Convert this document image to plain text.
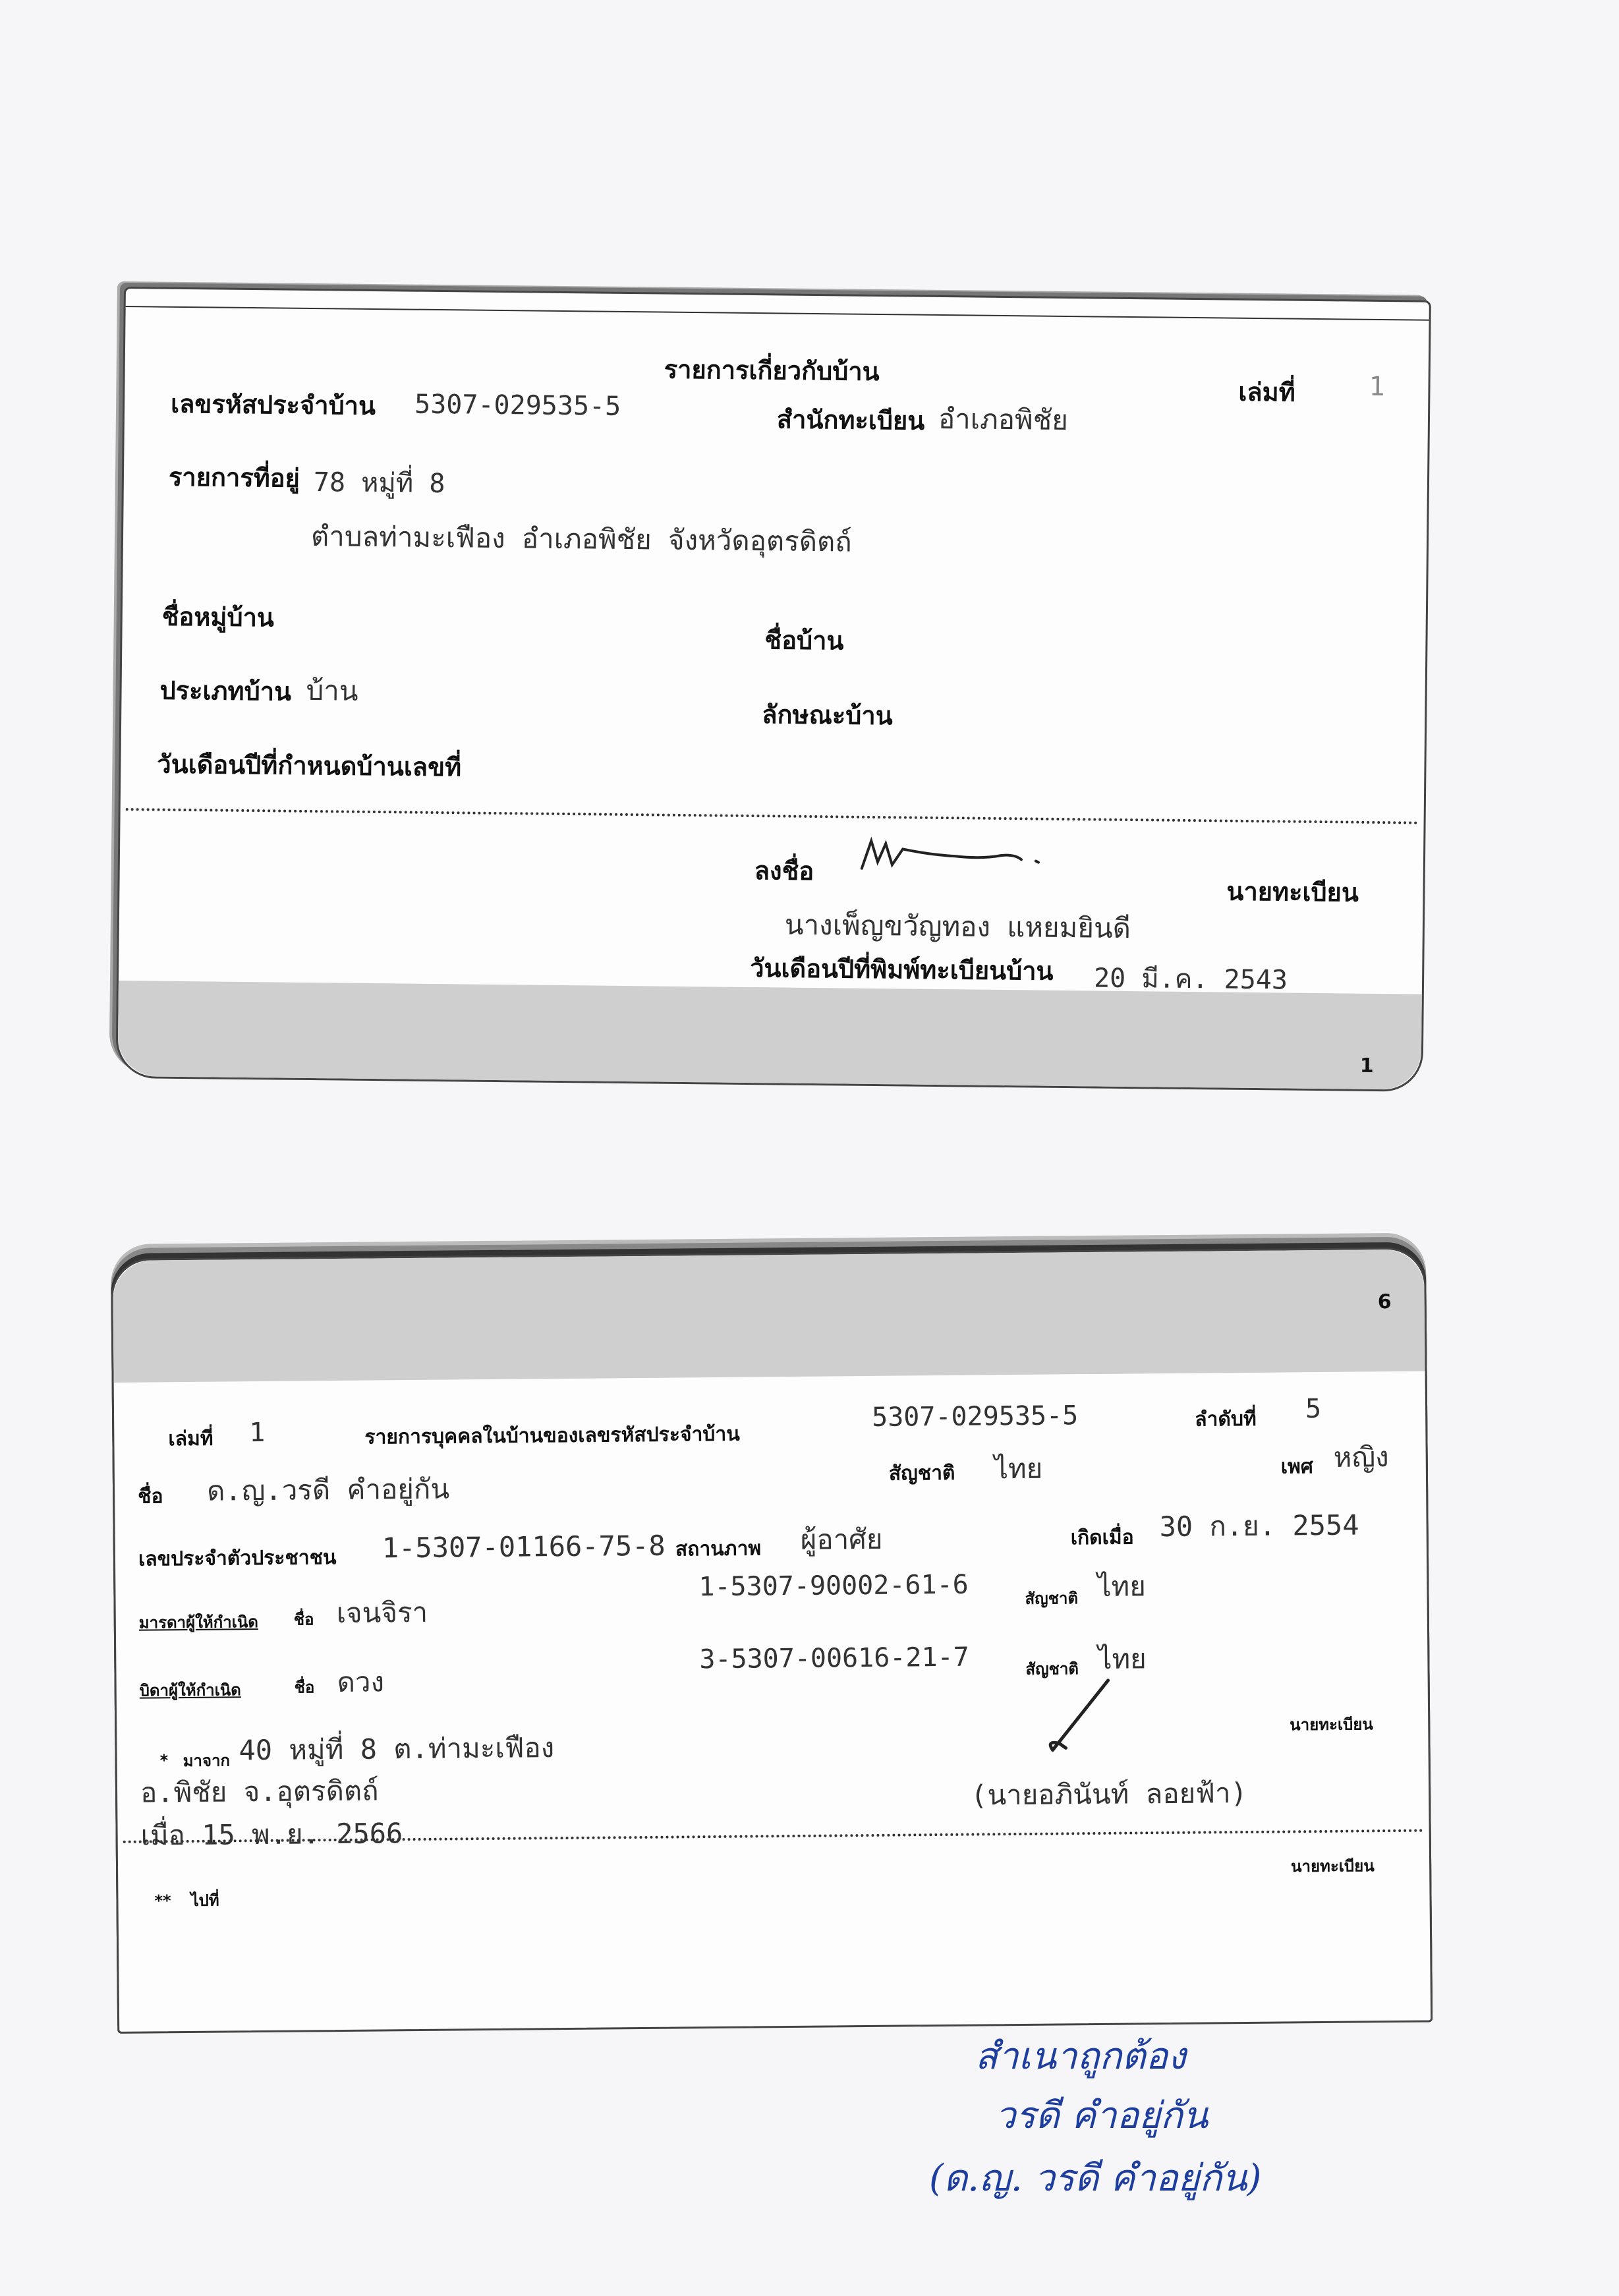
รายการเกี่ยวกับบ้าน
เล่มที่	1
เลขรหัสประจำบ้าน 5307-029535-5	สำนักทะเบียน อำเภอพิชัย
รายการที่อยู่ 78 หมู่ที่ 8
ตำบลท่ามะเฟือง อำเภอพิชัย จังหวัดอุตรดิตถ์
ชื่อหมู่บ้าน
ชื่อบ้าน
ประเภทบ้าน บ้าน
ลักษณะบ้าน
วันเดือนปีที่กำหนดบ้านเลขที่
ลงชื่อ
นายทะเบียน
นางเพ็ญขวัญทอง แหยมยินดี
วันเดือนปีที่พิมพ์ทะเบียนบ้าน 20 มี.ค. 2543
1
6
เล่มที่ 1	รายการบุคคลในบ้านของเลขรหัสประจำบ้าน
5307-029535-5	ลำดับที่ 5
ชื่อ ด.ญ.วรดี คำอยู่กัน	สัญชาติ ไทย	เพศ หญิง
เลขประจำตัวประชาชน 1-5307-01166-75-8 สถานภาพ ผู้อาศัย	เกิดเมื่อ 30 ก.ย. 2554
มารดาผู้ให้กำเนิด ชื่อ เจนจิรา
1-5307-90002-61-6	สัญชาติ ไทย
บิดาผู้ให้กำเนิด	ชื่อ ดวง
3-5307-00616-21-7	สัญชาติ ไทย
* มาจาก 40 หมู่ที่ 8 ต.ท่ามะเฟือง
อ.พิชัย จ.อุตรดิตถ์
เมื่อ 15 พ.ย. 2566
นายทะเบียน
(นายอภินันท์ ลอยฟ้า)
นายทะเบียน
** ไปที่
สำเนาถูกต้อง
วรดี คำอยู่กัน
(ด.ญ. วรดี คำอยู่กัน)
